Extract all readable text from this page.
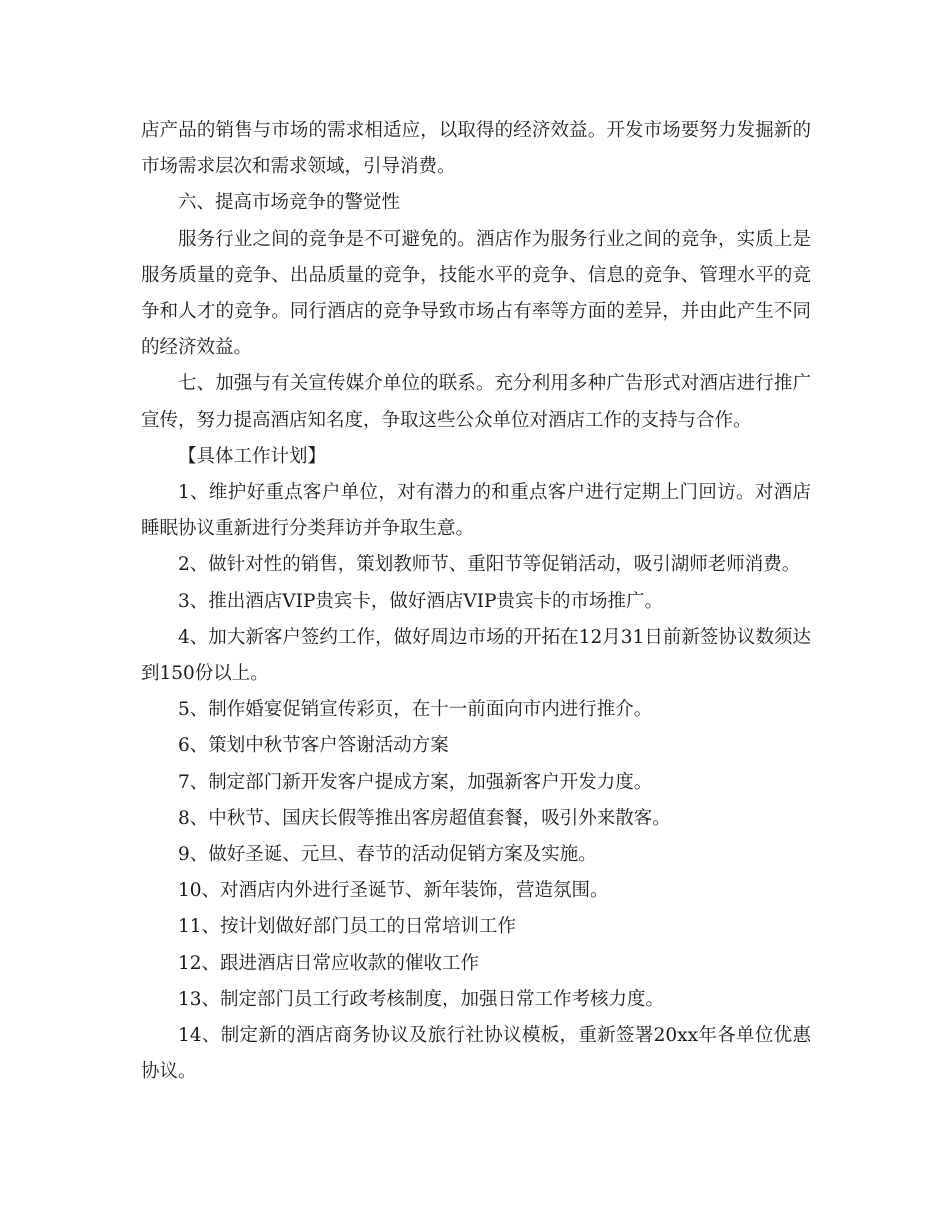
店产品的销售与市场的需求相适应，以取得的经济效益。开发市场要努力发掘新的市场需求层次和需求领域，引导消费。

六、提高市场竞争的警觉性

服务行业之间的竞争是不可避免的。酒店作为服务行业之间的竞争，实质上是服务质量的竞争、出品质量的竞争，技能水平的竞争、信息的竞争、管理水平的竞争和人才的竞争。同行酒店的竞争导致市场占有率等方面的差异，并由此产生不同的经济效益。

七、加强与有关宣传媒介单位的联系。充分利用多种广告形式对酒店进行推广宣传，努力提高酒店知名度，争取这些公众单位对酒店工作的支持与合作。

【具体工作计划】

1、维护好重点客户单位，对有潜力的和重点客户进行定期上门回访。对酒店睡眠协议重新进行分类拜访并争取生意。

2、做针对性的销售，策划教师节、重阳节等促销活动，吸引湖师老师消费。

3、推出酒店VIP贵宾卡，做好酒店VIP贵宾卡的市场推广。

4、加大新客户签约工作，做好周边市场的开拓在12月31日前新签协议数须达到150份以上。

5、制作婚宴促销宣传彩页，在十一前面向市内进行推介。

6、策划中秋节客户答谢活动方案

7、制定部门新开发客户提成方案，加强新客户开发力度。

8、中秋节、国庆长假等推出客房超值套餐，吸引外来散客。

9、做好圣诞、元旦、春节的活动促销方案及实施。

10、对酒店内外进行圣诞节、新年装饰，营造氛围。

11、按计划做好部门员工的日常培训工作

12、跟进酒店日常应收款的催收工作

13、制定部门员工行政考核制度，加强日常工作考核力度。

14、制定新的酒店商务协议及旅行社协议模板，重新签署20xx年各单位优惠协议。
